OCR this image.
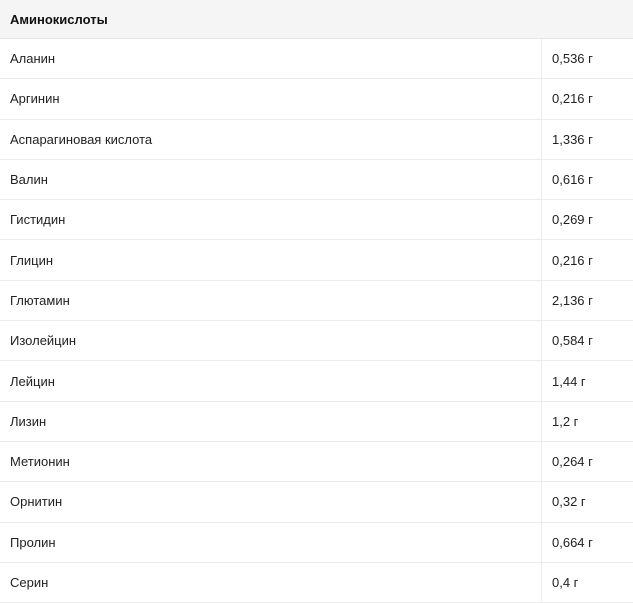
Аминокислоты
Аланин	0,536 г
Аргинин	0,216 г
Аспарагиновая кислота	1,336 г
Валин	0,616 г
Гистидин	0,269 г
Глицин	0,216 г
Глютамин	2,136 г
Изолейцин	0,584 г
Лейцин	1,44 г
Лизин	1,2 г
Метионин	0,264 г
Орнитин	0,32 г
Пролин	0,664 г
Серин	0,4 г
